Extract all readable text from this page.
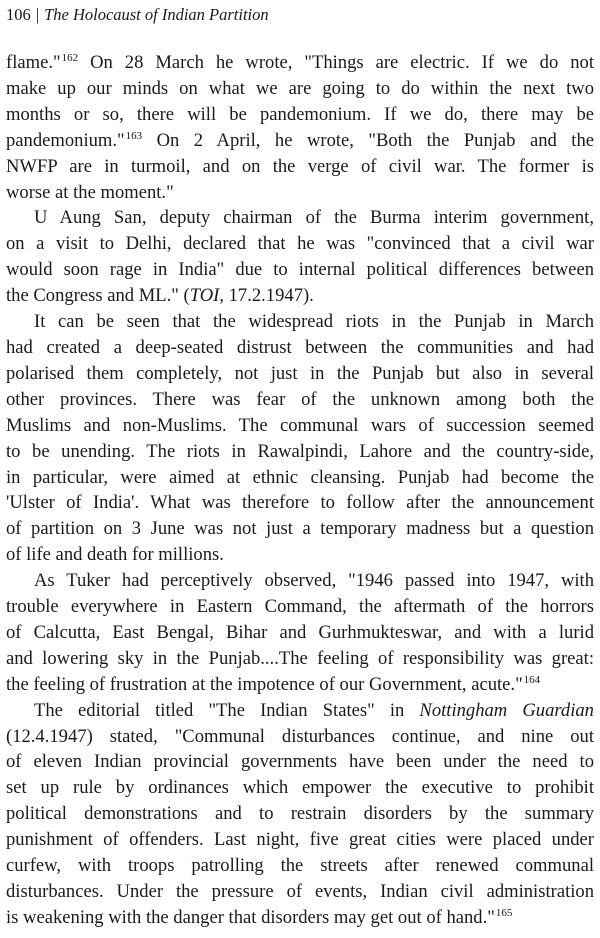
106 | The Holocaust of Indian Partition

flame."$^{162}$ On 28 March he wrote, "Things are electric. If we do not
make up our minds on what we are going to do within the next two
months or so, there will be pandemonium. If we do, there may be
pandemonium."$^{163}$ On 2 April, he wrote, "Both the Punjab and the
NWFP are in turmoil, and on the verge of civil war. The former is
worse at the moment."

U Aung San, deputy chairman of the Burma interim government,
on a visit to Delhi, declared that he was "convinced that a civil war
would soon rage in India" due to internal political differences between
the Congress and ML." (TOI, 17.2.1947).

It can be seen that the widespread riots in the Punjab in March
had created a deep-seated distrust between the communities and had
polarised them completely, not just in the Punjab but also in several
other provinces. There was fear of the unknown among both the
Muslims and non-Muslims. The communal wars of succession seemed
to be unending. The riots in Rawalpindi, Lahore and the country-side,
in particular, were aimed at ethnic cleansing. Punjab had become the
'Ulster of India'. What was therefore to follow after the announcement
of partition on 3 June was not just a temporary madness but a question
of life and death for millions.

As Tuker had perceptively observed, "1946 passed into 1947, with
trouble everywhere in Eastern Command, the aftermath of the horrors
of Calcutta, East Bengal, Bihar and Gurhmukteswar, and with a lurid
and lowering sky in the Punjab....The feeling of responsibility was great:
the feeling of frustration at the impotence of our Government, acute."$^{164}$

The editorial titled "The Indian States" in Nottingham Guardian
(12.4.1947) stated, "Communal disturbances continue, and nine out
of eleven Indian provincial governments have been under the need to
set up rule by ordinances which empower the executive to prohibit
political demonstrations and to restrain disorders by the summary
punishment of offenders. Last night, five great cities were placed under
curfew, with troops patrolling the streets after renewed communal
disturbances. Under the pressure of events, Indian civil administration
is weakening with the danger that disorders may get out of hand."$^{165}$
